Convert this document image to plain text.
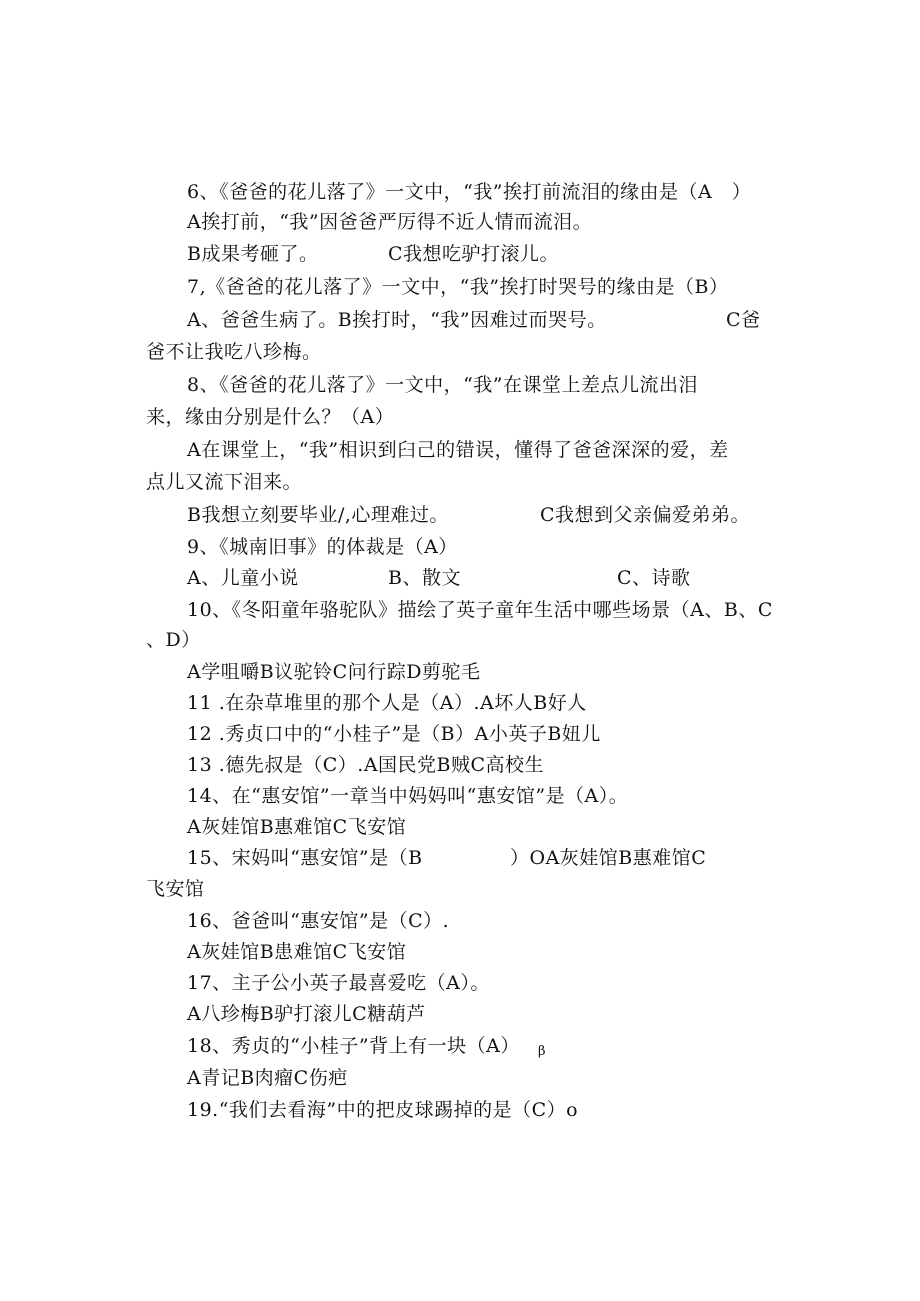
6、《爸爸的花儿落了》一文中，“我”挨打前流泪的缘由是（A　）
A挨打前，“我”因爸爸严厉得不近人情而流泪。
B成果考砸了。	C我想吃驴打滚儿。
7,《爸爸的花儿落了》一文中，“我”挨打时哭号的缘由是（B）
A、爸爸生病了。B挨打时，“我”因难过而哭号。	C爸
爸不让我吃八珍梅。
8、《爸爸的花儿落了》一文中，“我”在课堂上差点儿流出泪
来，缘由分别是什么？（A）
A在课堂上，“我”相识到臼己的错误，懂得了爸爸深深的爱，差
点儿又流下泪来。
B我想立刻要毕业/,心理难过。	C我想到父亲偏爱弟弟。
9、《城南旧事》的体裁是（A）
A、儿童小说	B、散文	C、诗歌
10、《冬阳童年骆驼队》描绘了英子童年生活中哪些场景（A、B、C
、D）
A学咀嚼B议驼铃C问行踪D剪驼毛
11 .在杂草堆里的那个人是（A）.A坏人B好人
12 .秀贞口中的“小桂子”是（B）A小英子B妞儿
13 .德先叔是（C）.A国民党B贼C高校生
14、在“惠安馆”一章当中妈妈叫“惠安馆”是（A）。
A灰娃馆B惠难馆C飞安馆
15、宋妈叫“惠安馆”是（B	）OA灰娃馆B惠难馆C
飞安馆
16、爸爸叫“惠安馆”是（C）.
A灰娃馆B患难馆C飞安馆
17、主子公小英子最喜爱吃（A）。
A八珍梅B驴打滚儿C糖葫芦
18、秀贞的“小桂子”背上有一块（A） β
A青记B肉瘤C伤疤
19.“我们去看海”中的把皮球踢掉的是（C）o
